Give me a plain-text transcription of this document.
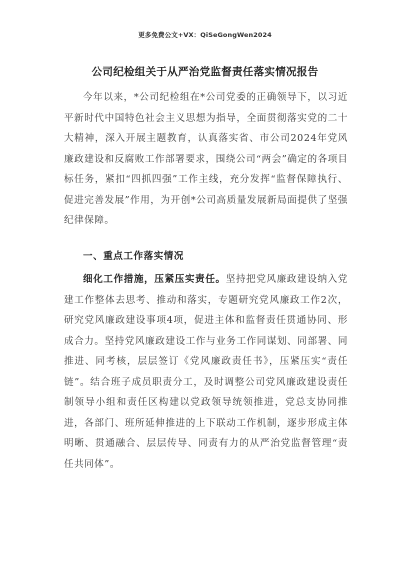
更多免费公文+VX：QiSeGongWen2024
公司纪检组关于从严治党监督责任落实情况报告
今年以来，*公司纪检组在*公司党委的正确领导下，以习近平新时代中国特色社会主义思想为指导，全面贯彻落实党的二十大精神，深入开展主题教育，认真落实省、市公司2024年党风廉政建设和反腐败工作部署要求，围绕公司“两会”确定的各项目标任务，紧扣“四抓四强”工作主线，充分发挥“监督保障执行、促进完善发展”作用，为开创*公司高质量发展新局面提供了坚强纪律保障。
一、重点工作落实情况
细化工作措施，压紧压实责任。坚持把党风廉政建设纳入党建工作整体去思考、推动和落实，专题研究党风廉政工作2次，研究党风廉政建设事项4项，促进主体和监督责任贯通协同、形成合力。坚持党风廉政建设工作与业务工作同谋划、同部署、同推进、同考核，层层签订《党风廉政责任书》，压紧压实“责任链”。结合班子成员职责分工，及时调整公司党风廉政建设责任制领导小组和责任区构建以党政领导统领推进，党总支协同推进，各部门、班所延伸推进的上下联动工作机制，逐步形成主体明晰、贯通融合、层层传导、同责有力的从严治党监督管理“责任共同体”。
